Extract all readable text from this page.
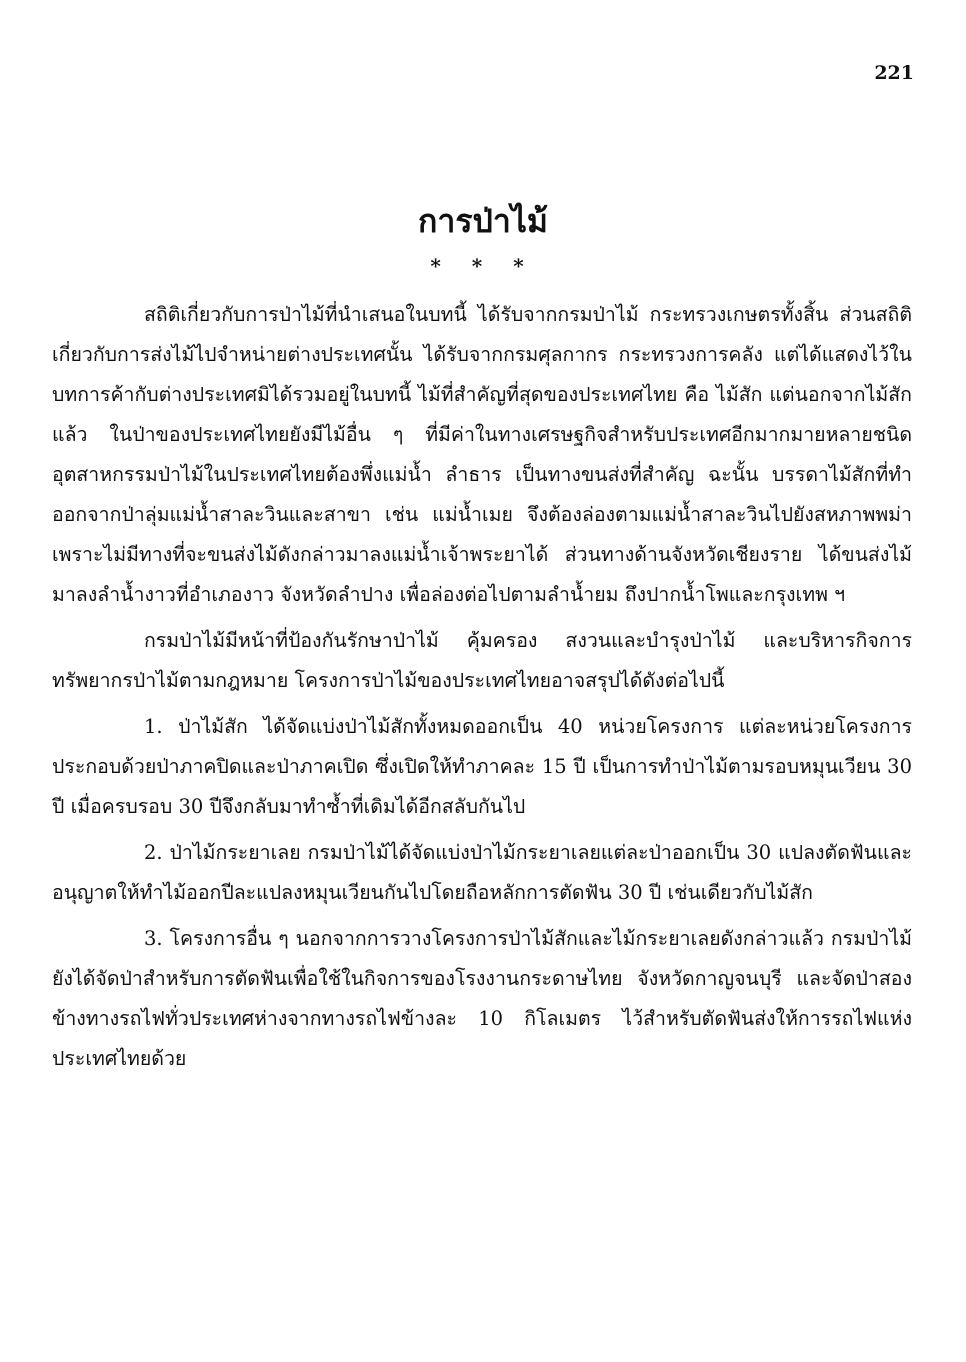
221
การป่าไม้
* * *

สถิติเกี่ยวกับการป่าไม้ที่นำเสนอในบทนี้ ได้รับจากกรมป่าไม้ กระทรวงเกษตรทั้งสิ้น ส่วนสถิติเกี่ยวกับการส่งไม้ไปจำหน่ายต่างประเทศนั้น ได้รับจากกรมศุลกากร กระทรวงการคลัง แต่ได้แสดงไว้ในบทการค้ากับต่างประเทศมิได้รวมอยู่ในบทนี้ ไม้ที่สำคัญที่สุดของประเทศไทย คือ ไม้สัก แต่นอกจากไม้สักแล้ว ในป่าของประเทศไทยยังมีไม้อื่น ๆ ที่มีค่าในทางเศรษฐกิจสำหรับประเทศอีกมากมายหลายชนิด อุตสาหกรรมป่าไม้ในประเทศไทยต้องพึ่งแม่น้ำ ลำธาร เป็นทางขนส่งที่สำคัญ ฉะนั้น บรรดาไม้สักที่ทำออกจากป่าลุ่มแม่น้ำสาละวินและสาขา เช่น แม่น้ำเมย จึงต้องล่องตามแม่น้ำสาละวินไปยังสหภาพพม่า เพราะไม่มีทางที่จะขนส่งไม้ดังกล่าวมาลงแม่น้ำเจ้าพระยาได้ ส่วนทางด้านจังหวัดเชียงราย ได้ขนส่งไม้มาลงลำน้ำงาวที่อำเภองาว จังหวัดลำปาง เพื่อล่องต่อไปตามลำน้ำยม ถึงปากน้ำโพและกรุงเทพ ฯ

กรมป่าไม้มีหน้าที่ป้องกันรักษาป่าไม้ คุ้มครอง สงวนและบำรุงป่าไม้ และบริหารกิจการทรัพยากรป่าไม้ตามกฎหมาย โครงการป่าไม้ของประเทศไทยอาจสรุปได้ดังต่อไปนี้

1. ป่าไม้สัก ได้จัดแบ่งป่าไม้สักทั้งหมดออกเป็น 40 หน่วยโครงการ แต่ละหน่วยโครงการประกอบด้วยป่าภาคปิดและป่าภาคเปิด ซึ่งเปิดให้ทำภาคละ 15 ปี เป็นการทำป่าไม้ตามรอบหมุนเวียน 30 ปี เมื่อครบรอบ 30 ปีจึงกลับมาทำซ้ำที่เดิมได้อีกสลับกันไป

2. ป่าไม้กระยาเลย กรมป่าไม้ได้จัดแบ่งป่าไม้กระยาเลยแต่ละป่าออกเป็น 30 แปลงตัดฟันและอนุญาตให้ทำไม้ออกปีละแปลงหมุนเวียนกันไปโดยถือหลักการตัดฟัน 30 ปี เช่นเดียวกับไม้สัก

3. โครงการอื่น ๆ นอกจากการวางโครงการป่าไม้สักและไม้กระยาเลยดังกล่าวแล้ว กรมป่าไม้ยังได้จัดป่าสำหรับการตัดฟันเพื่อใช้ในกิจการของโรงงานกระดาษไทย จังหวัดกาญจนบุรี และจัดป่าสองข้างทางรถไฟทั่วประเทศห่างจากทางรถไฟข้างละ 10 กิโลเมตร ไว้สำหรับตัดฟันส่งให้การรถไฟแห่งประเทศไทยด้วย
